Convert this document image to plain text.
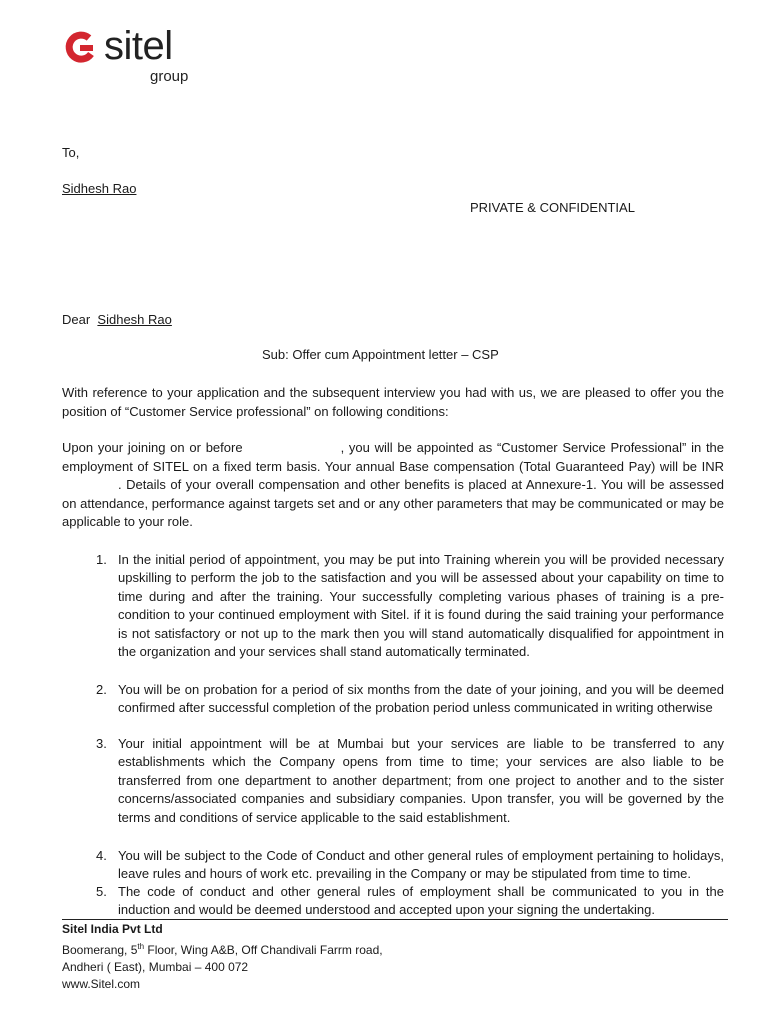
sitel
group
To,
Sidhesh Rao
PRIVATE & CONFIDENTIAL
Dear Sidhesh Rao
Sub: Offer cum Appointment letter – CSP

With reference to your application and the subsequent interview you had with us, we are pleased to offer you the position of “Customer Service professional” on following conditions:

Upon your joining on or before	, you will be appointed as “Customer Service Professional” in the employment of SITEL on a fixed term basis. Your annual Base compensation (Total Guaranteed Pay) will be INR. Details of your overall compensation and other benefits is placed at Annexure-1. You will be assessed on attendance, performance against targets set and or any other parameters that may be communicated or may be applicable to your role.

1. In the initial period of appointment, you may be put into Training wherein you will be provided necessary upskilling to perform the job to the satisfaction and you will be assessed about your capability on time to time during and after the training. Your successfully completing various phases of training is a pre-condition to your continued employment with Sitel. if it is found during the said training your performance is not satisfactory or not up to the mark then you will stand automatically disqualified for appointment in the organization and your services shall stand automatically terminated.
2. You will be on probation for a period of six months from the date of your joining, and you will be deemed confirmed after successful completion of the probation period unless communicated in writing otherwise
3. Your initial appointment will be at Mumbai but your services are liable to be transferred to any establishments which the Company opens from time to time; your services are also liable to be transferred from one department to another department; from one project to another and to the sister concerns/associated companies and subsidiary companies. Upon transfer, you will be governed by the terms and conditions of service applicable to the said establishment.
4. You will be subject to the Code of Conduct and other general rules of employment pertaining to holidays, leave rules and hours of work etc. prevailing in the Company or may be stipulated from time to time.
5. The code of conduct and other general rules of employment shall be communicated to you in the induction and would be deemed understood and accepted upon your signing the undertaking.
Sitel India Pvt Ltd
Boomerang, 5th Floor, Wing A&B, Off Chandivali Farrm road,
Andheri ( East), Mumbai – 400 072
www.Sitel.com
